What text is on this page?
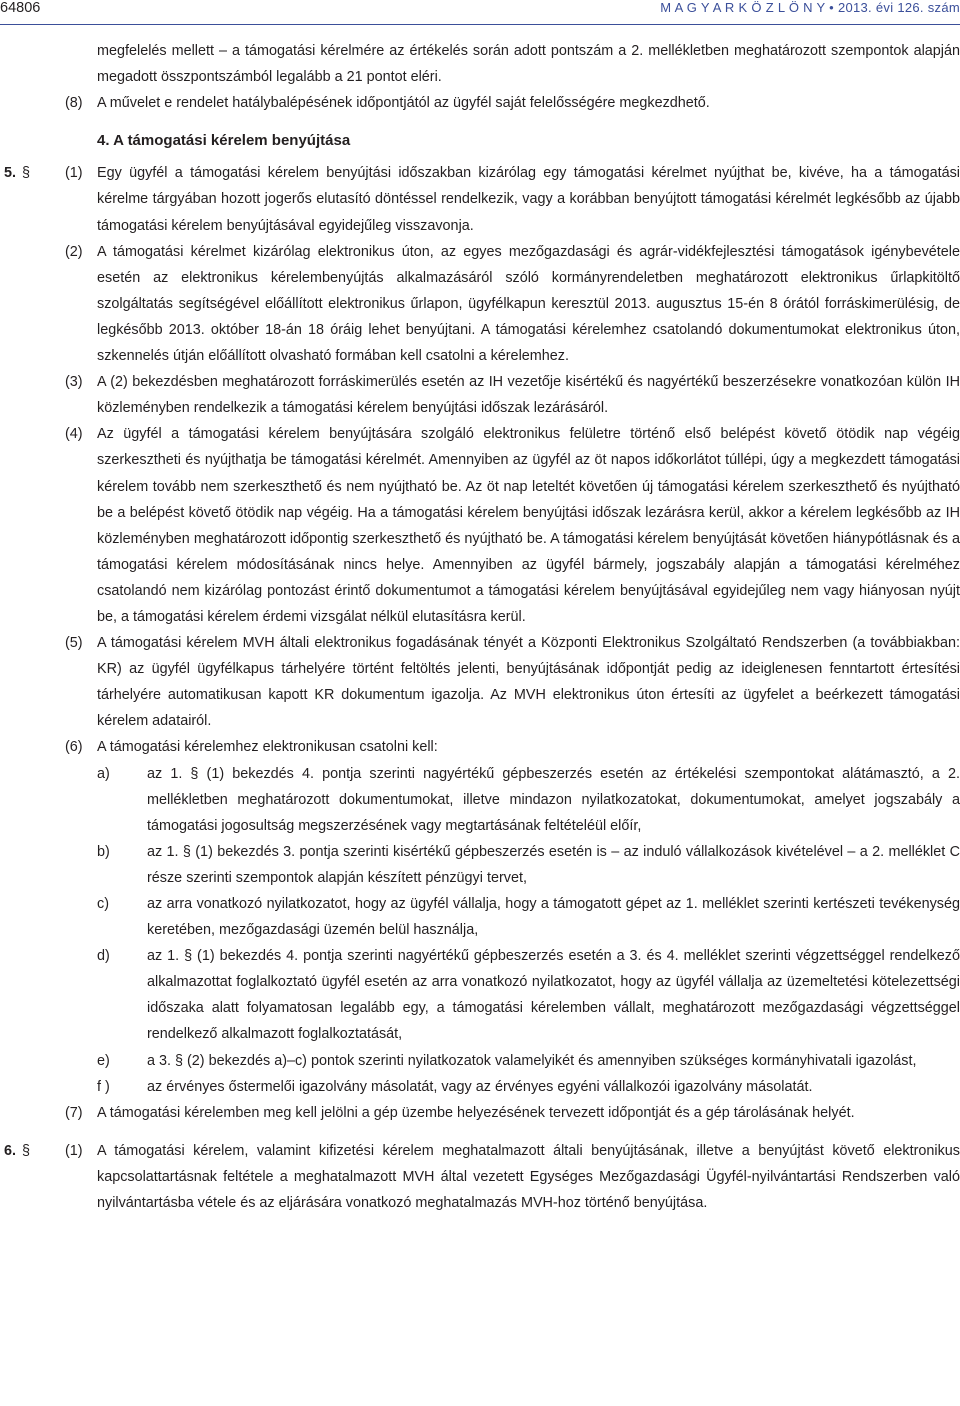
64806	M A G Y A R K Ö Z L Ö N Y • 2013. évi 126. szám
megfelelés mellett – a támogatási kérelmére az értékelés során adott pontszám a 2. mellékletben meghatározott szempontok alapján megadott összpontszámból legalább a 21 pontot eléri.
(8) A művelet e rendelet hatálybalépésének időpontjától az ügyfél saját felelősségére megkezdhető.
4. A támogatási kérelem benyújtása
5. § (1) Egy ügyfél a támogatási kérelem benyújtási időszakban kizárólag egy támogatási kérelmet nyújthat be, kivéve, ha a támogatási kérelme tárgyában hozott jogerős elutasító döntéssel rendelkezik, vagy a korábban benyújtott támogatási kérelmét legkésőbb az újabb támogatási kérelem benyújtásával egyidejűleg visszavonja.
(2) A támogatási kérelmet kizárólag elektronikus úton, az egyes mezőgazdasági és agrár-vidékfejlesztési támogatások igénybevétele esetén az elektronikus kérelembenyújtás alkalmazásáról szóló kormányrendeletben meghatározott elektronikus űrlapkitöltő szolgáltatás segítségével előállított elektronikus űrlapon, ügyfélkapun keresztül 2013. augusztus 15-én 8 órától forráskimerülésig, de legkésőbb 2013. október 18-án 18 óráig lehet benyújtani. A támogatási kérelemhez csatolandó dokumentumokat elektronikus úton, szkennelés útján előállított olvasható formában kell csatolni a kérelemhez.
(3) A (2) bekezdésben meghatározott forráskimerülés esetén az IH vezetője kisértékű és nagyértékű beszerzésekre vonatkozóan külön IH közleményben rendelkezik a támogatási kérelem benyújtási időszak lezárásáról.
(4) Az ügyfél a támogatási kérelem benyújtására szolgáló elektronikus felületre történő első belépést követő ötödik nap végéig szerkesztheti és nyújthatja be támogatási kérelmét. Amennyiben az ügyfél az öt napos időkorlátot túllépi, úgy a megkezdett támogatási kérelem tovább nem szerkeszthető és nem nyújtható be. Az öt nap leteltét követően új támogatási kérelem szerkeszthető és nyújtható be a belépést követő ötödik nap végéig. Ha a támogatási kérelem benyújtási időszak lezárásra kerül, akkor a kérelem legkésőbb az IH közleményben meghatározott időpontig szerkeszthető és nyújtható be. A támogatási kérelem benyújtását követően hiánypótlásnak és a támogatási kérelem módosításának nincs helye. Amennyiben az ügyfél bármely, jogszabály alapján a támogatási kérelméhez csatolandó nem kizárólag pontozást érintő dokumentumot a támogatási kérelem benyújtásával egyidejűleg nem vagy hiányosan nyújt be, a támogatási kérelem érdemi vizsgálat nélkül elutasításra kerül.
(5) A támogatási kérelem MVH általi elektronikus fogadásának tényét a Központi Elektronikus Szolgáltató Rendszerben (a továbbiakban: KR) az ügyfél ügyfélkapus tárhelyére történt feltöltés jelenti, benyújtásának időpontját pedig az ideiglenesen fenntartott értesítési tárhelyére automatikusan kapott KR dokumentum igazolja. Az MVH elektronikus úton értesíti az ügyfelet a beérkezett támogatási kérelem adatairól.
(6) A támogatási kérelemhez elektronikusan csatolni kell:
a)	az 1. § (1) bekezdés 4. pontja szerinti nagyértékű gépbeszerzés esetén az értékelési szempontokat alátámasztó, a 2. mellékletben meghatározott dokumentumokat, illetve mindazon nyilatkozatokat, dokumentumokat, amelyet jogszabály a támogatási jogosultság megszerzésének vagy megtartásának feltételéül előír,
b)	az 1. § (1) bekezdés 3. pontja szerinti kisértékű gépbeszerzés esetén is – az induló vállalkozások kivételével – a 2. melléklet C része szerinti szempontok alapján készített pénzügyi tervet,
c)	az arra vonatkozó nyilatkozatot, hogy az ügyfél vállalja, hogy a támogatott gépet az 1. melléklet szerinti kertészeti tevékenység keretében, mezőgazdasági üzemén belül használja,
d)	az 1. § (1) bekezdés 4. pontja szerinti nagyértékű gépbeszerzés esetén a 3. és 4. melléklet szerinti végzettséggel rendelkező alkalmazottat foglalkoztató ügyfél esetén az arra vonatkozó nyilatkozatot, hogy az ügyfél vállalja az üzemeltetési kötelezettségi időszaka alatt folyamatosan legalább egy, a támogatási kérelemben vállalt, meghatározott mezőgazdasági végzettséggel rendelkező alkalmazott foglalkoztatását,
e)	a 3. § (2) bekezdés a)–c) pontok szerinti nyilatkozatok valamelyikét és amennyiben szükséges kormányhivatali igazolást,
f )	az érvényes őstermelői igazolvány másolatát, vagy az érvényes egyéni vállalkozói igazolvány másolatát.
(7) A támogatási kérelemben meg kell jelölni a gép üzembe helyezésének tervezett időpontját és a gép tárolásának helyét.
6. § (1) A támogatási kérelem, valamint kifizetési kérelem meghatalmazott általi benyújtásának, illetve a benyújtást követő elektronikus kapcsolattartásnak feltétele a meghatalmazott MVH által vezetett Egységes Mezőgazdasági Ügyfél-nyilvántartási Rendszerben való nyilvántartásba vétele és az eljárására vonatkozó meghatalmazás MVH-hoz történő benyújtása.
